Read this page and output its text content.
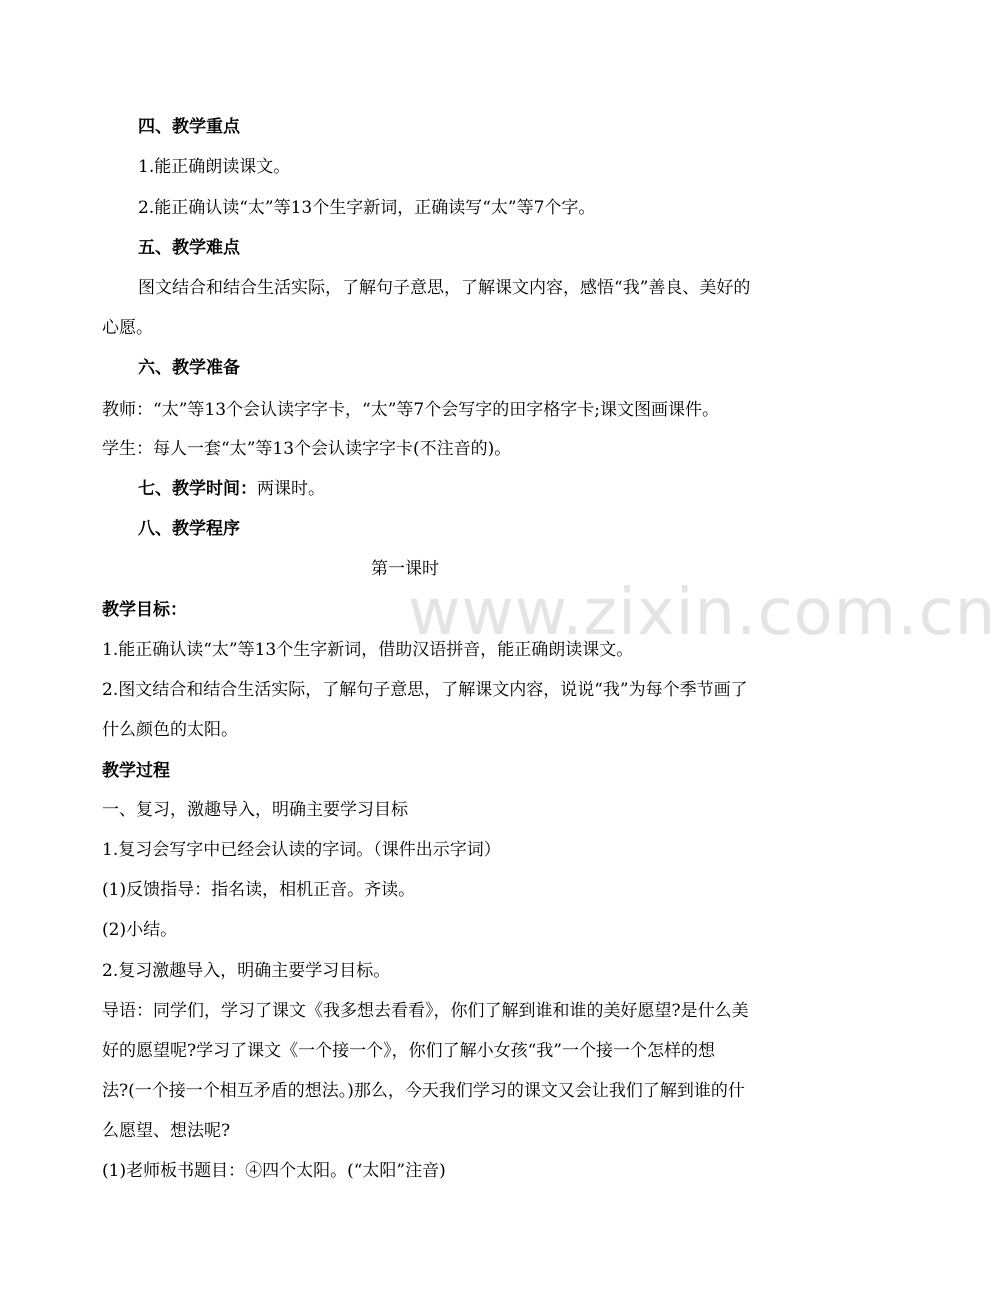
www.zixin.com.cn
四、教学重点
1.能正确朗读课文。
2.能正确认读“太”等13个生字新词，正确读写“太”等7个字。
五、教学难点
图文结合和结合生活实际，了解句子意思，了解课文内容，感悟“我”善良、美好的
心愿。
六、教学准备
教师：“太”等13个会认读字字卡，“太”等7个会写字的田字格字卡;课文图画课件。
学生：每人一套“太”等13个会认读字字卡(不注音的)。
七、教学时间：两课时。
八、教学程序
第一课时
教学目标：
1.能正确认读“太”等13个生字新词，借助汉语拼音，能正确朗读课文。
2.图文结合和结合生活实际，了解句子意思，了解课文内容，说说“我”为每个季节画了
什么颜色的太阳。
教学过程
一、复习，激趣导入，明确主要学习目标
1.复习会写字中已经会认读的字词。（课件出示字词）
(1)反馈指导：指名读，相机正音。齐读。
(2)小结。
2.复习激趣导入，明确主要学习目标。
导语：同学们，学习了课文《我多想去看看》，你们了解到谁和谁的美好愿望?是什么美
好的愿望呢?学习了课文《一个接一个》，你们了解小女孩“我”一个接一个怎样的想
法?(一个接一个相互矛盾的想法。)那么，今天我们学习的课文又会让我们了解到谁的什
么愿望、想法呢?
(1)老师板书题目：④四个太阳。(“太阳”注音)
